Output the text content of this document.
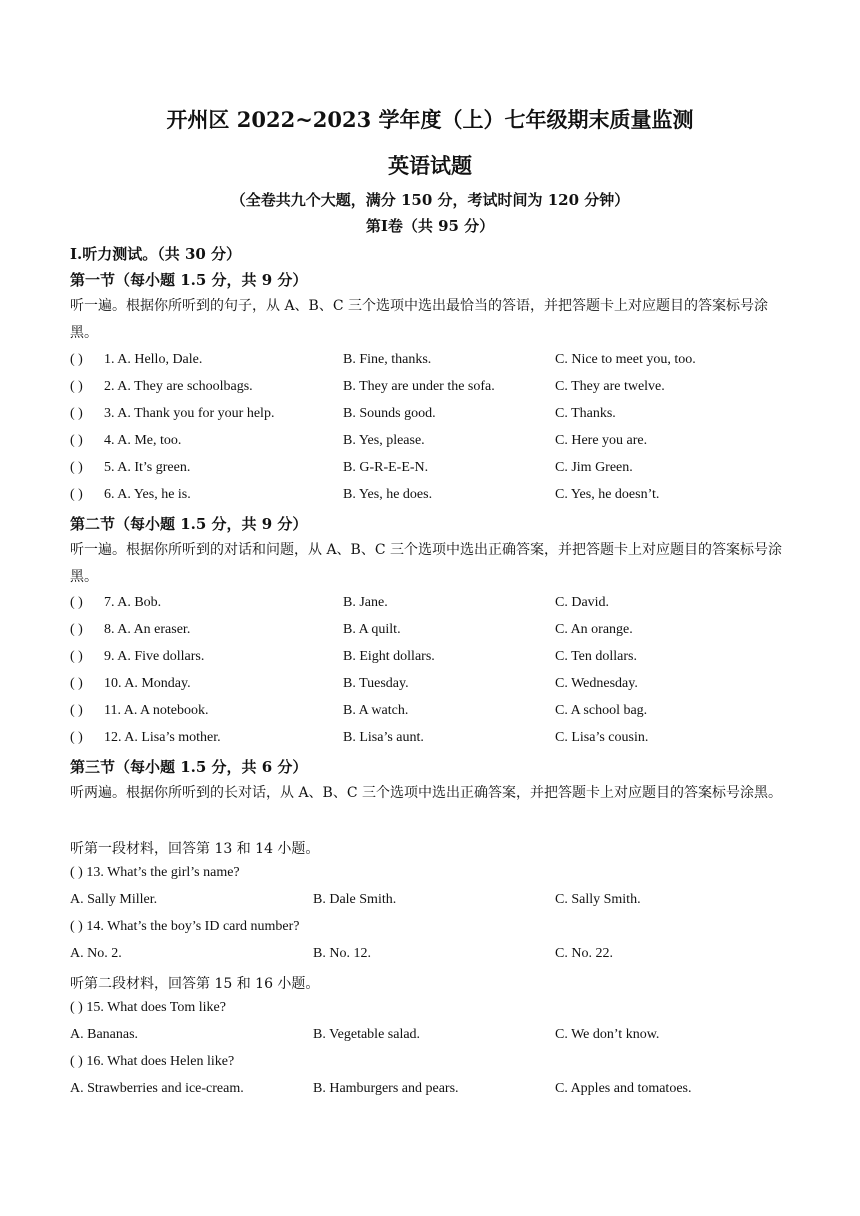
开州区 2022~2023 学年度（上）七年级期末质量监测
英语试题
（全卷共九个大题，满分 150 分，考试时间为 120 分钟）
第Ⅰ卷（共 95 分）
Ⅰ.听力测试。（共 30 分）
第一节（每小题 1.5 分，共 9 分）
听一遍。根据你所听到的句子，从 A、B、C 三个选项中选出最恰当的答语，并把答题卡上对应题目的答案标号涂黑。
( ) 1. A. Hello, Dale.	B. Fine, thanks.	C. Nice to meet you, too.
( ) 2. A. They are schoolbags.	B. They are under the sofa.	C. They are twelve.
( ) 3. A. Thank you for your help.	B. Sounds good.	C. Thanks.
( ) 4. A. Me, too.	B. Yes, please.	C. Here you are.
( ) 5. A. It’s green.	B. G-R-E-E-N.	C. Jim Green.
( ) 6. A. Yes, he is.	B. Yes, he does.	C. Yes, he doesn’t.
第二节（每小题 1.5 分，共 9 分）
听一遍。根据你所听到的对话和问题，从 A、B、C 三个选项中选出正确答案，并把答题卡上对应题目的答案标号涂黑。
( ) 7. A. Bob.	B. Jane.	C. David.
( ) 8. A. An eraser.	B. A quilt.	C. An orange.
( ) 9. A. Five dollars.	B. Eight dollars.	C. Ten dollars.
( ) 10. A. Monday.	B. Tuesday.	C. Wednesday.
( ) 11. A. A notebook.	B. A watch.	C. A school bag.
( ) 12. A. Lisa’s mother.	B. Lisa’s aunt.	C. Lisa’s cousin.
第三节（每小题 1.5 分，共 6 分）
听两遍。根据你所听到的长对话，从 A、B、C 三个选项中选出正确答案，并把答题卡上对应题目的答案标号涂黑。
听第一段材料，回答第 13 和 14 小题。
( ) 13. What’s the girl’s name?
A. Sally Miller.	B. Dale Smith.	C. Sally Smith.
( ) 14. What’s the boy’s ID card number?
A. No. 2.	B. No. 12.	C. No. 22.
听第二段材料，回答第 15 和 16 小题。
( ) 15. What does Tom like?
A. Bananas.	B. Vegetable salad.	C. We don’t know.
( ) 16. What does Helen like?
A. Strawberries and ice-cream.	B. Hamburgers and pears.	C. Apples and tomatoes.
